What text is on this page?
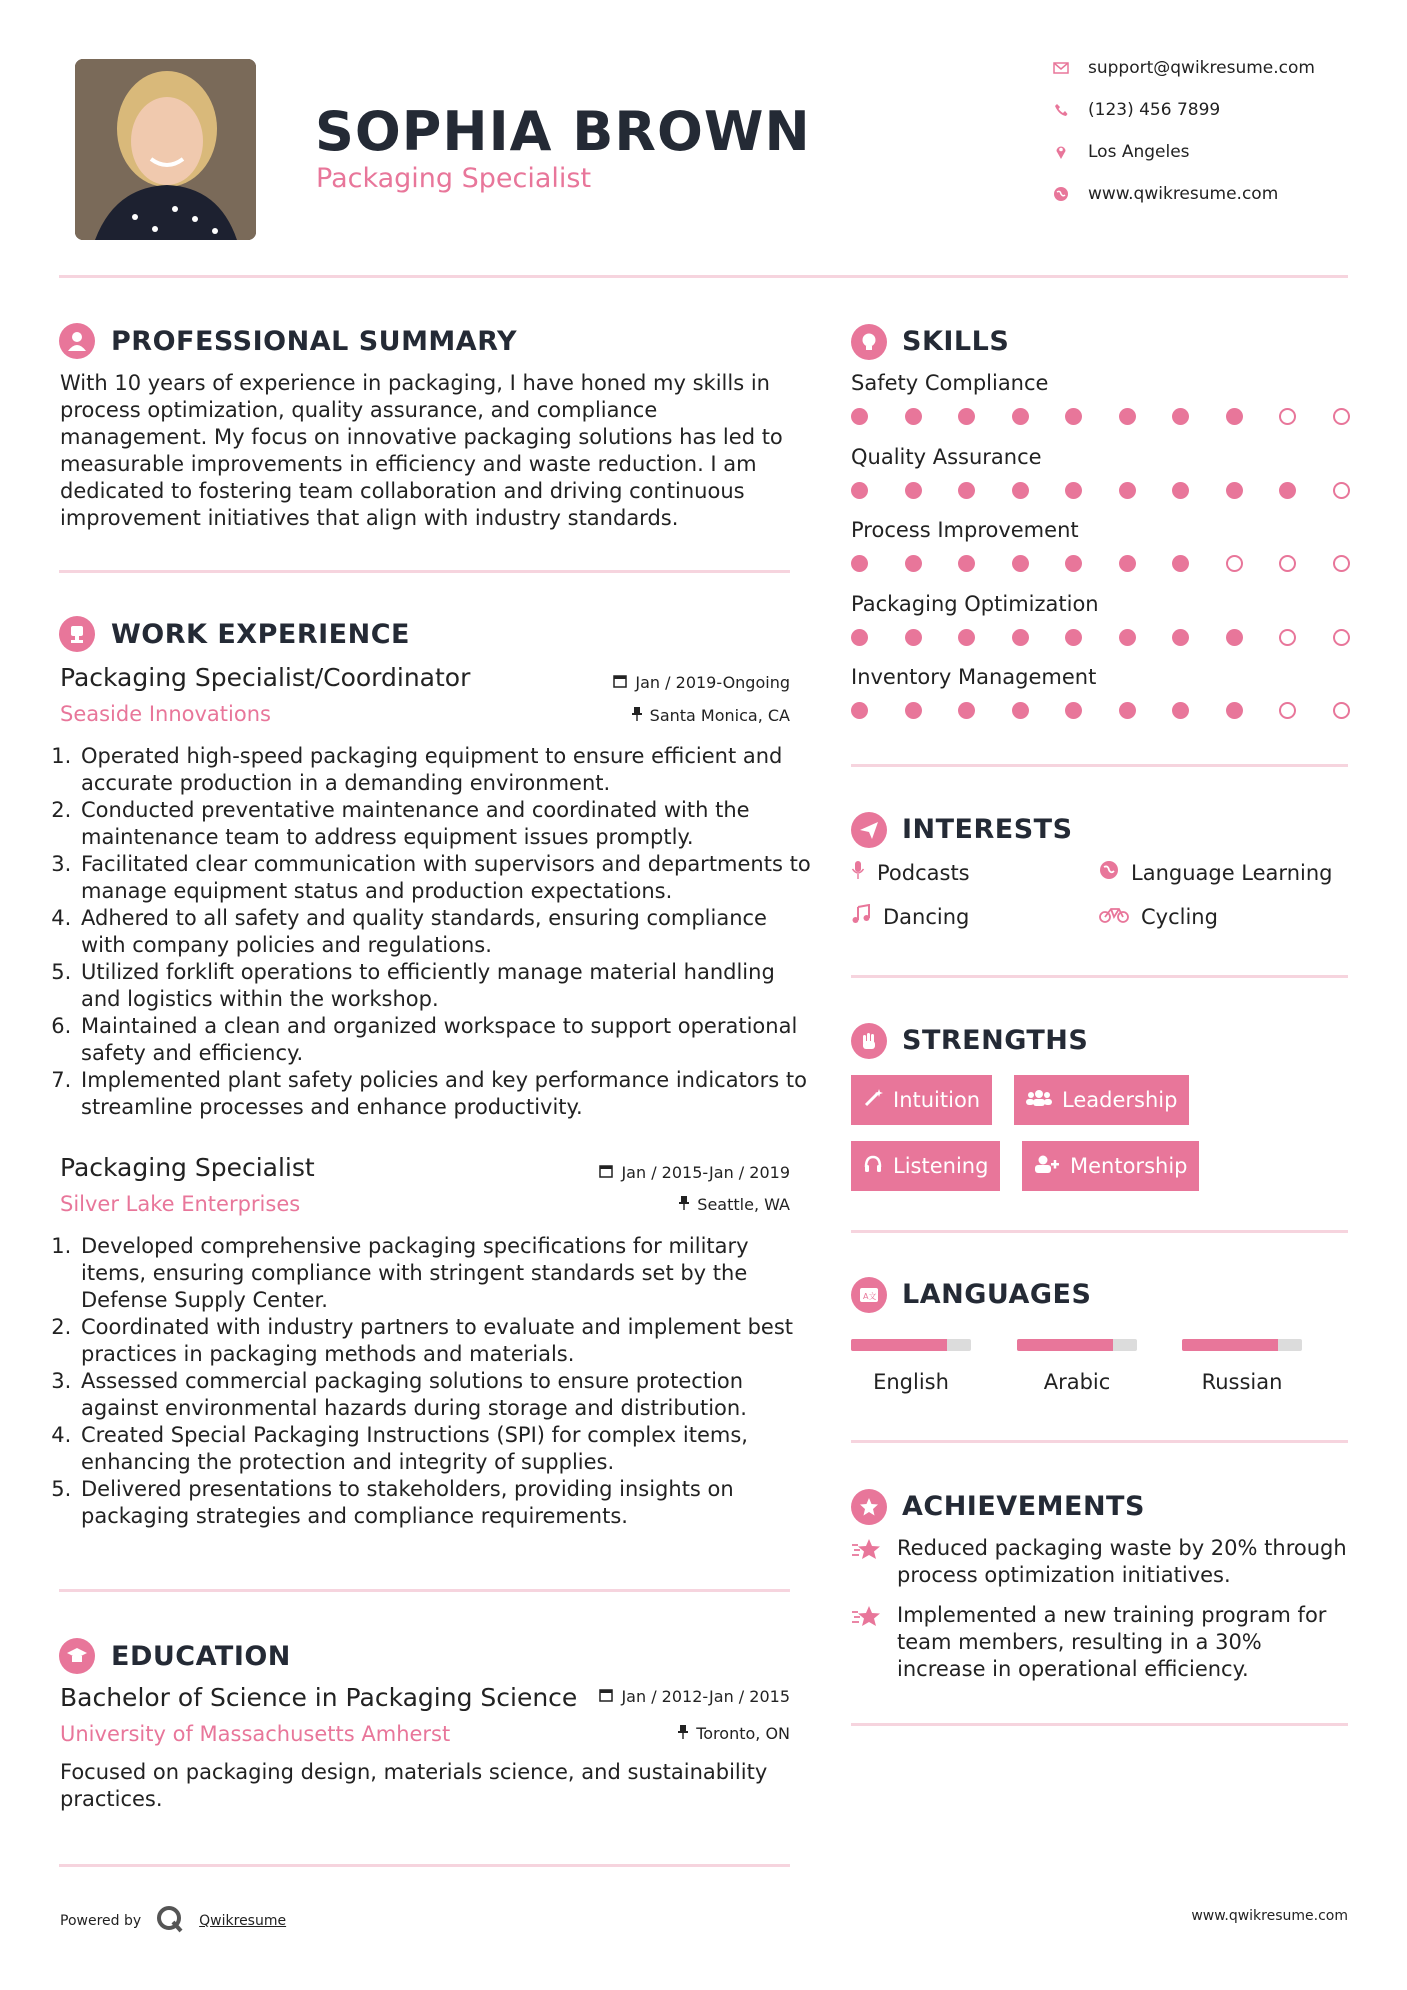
SOPHIA BROWN
Packaging Specialist
support@qwikresume.com
(123) 456 7899
Los Angeles
www.qwikresume.com
PROFESSIONAL SUMMARY
With 10 years of experience in packaging, I have honed my skills in process optimization, quality assurance, and compliance management. My focus on innovative packaging solutions has led to measurable improvements in efficiency and waste reduction. I am dedicated to fostering team collaboration and driving continuous improvement initiatives that align with industry standards.
WORK EXPERIENCE
Packaging Specialist/Coordinator	Jan / 2019-Ongoing
Seaside Innovations	Santa Monica, CA
1. Operated high-speed packaging equipment to ensure efficient and accurate production in a demanding environment.
2. Conducted preventative maintenance and coordinated with the maintenance team to address equipment issues promptly.
3. Facilitated clear communication with supervisors and departments to manage equipment status and production expectations.
4. Adhered to all safety and quality standards, ensuring compliance with company policies and regulations.
5. Utilized forklift operations to efficiently manage material handling and logistics within the workshop.
6. Maintained a clean and organized workspace to support operational safety and efficiency.
7. Implemented plant safety policies and key performance indicators to streamline processes and enhance productivity.
Packaging Specialist	Jan / 2015-Jan / 2019
Silver Lake Enterprises	Seattle, WA
1. Developed comprehensive packaging specifications for military items, ensuring compliance with stringent standards set by the Defense Supply Center.
2. Coordinated with industry partners to evaluate and implement best practices in packaging methods and materials.
3. Assessed commercial packaging solutions to ensure protection against environmental hazards during storage and distribution.
4. Created Special Packaging Instructions (SPI) for complex items, enhancing the protection and integrity of supplies.
5. Delivered presentations to stakeholders, providing insights on packaging strategies and compliance requirements.
EDUCATION
Bachelor of Science in Packaging Science	Jan / 2012-Jan / 2015
University of Massachusetts Amherst	Toronto, ON
Focused on packaging design, materials science, and sustainability practices.
SKILLS
Safety Compliance
Quality Assurance
Process Improvement
Packaging Optimization
Inventory Management
INTERESTS
Podcasts	Language Learning
Dancing	Cycling
STRENGTHS
Intuition	Leadership
Listening	Mentorship
A文 LANGUAGES
English	Arabic	Russian
ACHIEVEMENTS
Reduced packaging waste by 20% through process optimization initiatives.
Implemented a new training program for team members, resulting in a 30% increase in operational efficiency.
Powered by	Qwikresume	www.qwikresume.com
